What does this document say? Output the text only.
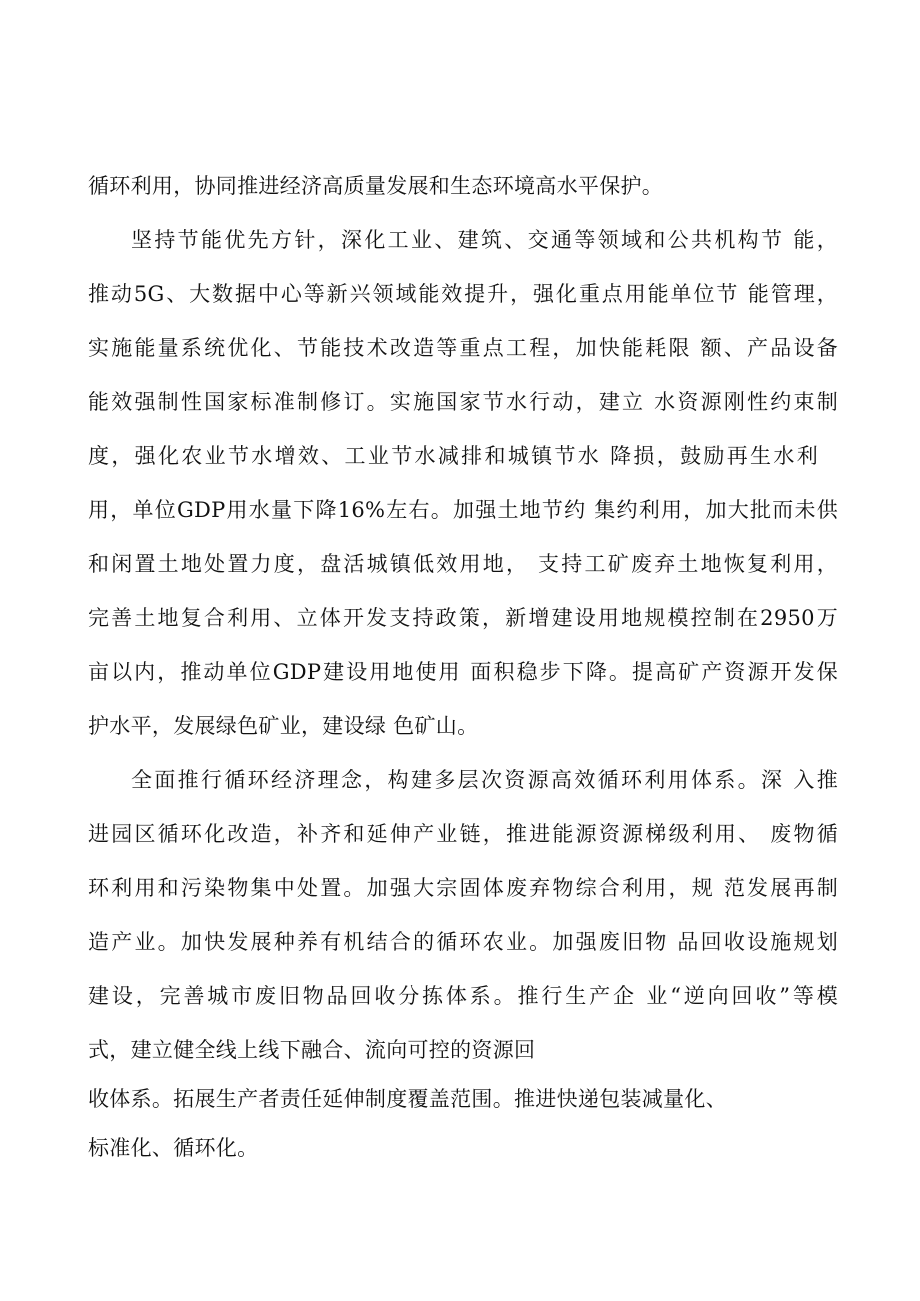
循环利用，协同推进经济高质量发展和生态环境高水平保护。
坚持节能优先方针，深化工业、建筑、交通等领域和公共机构节 能，
推动5G、大数据中心等新兴领域能效提升，强化重点用能单位节 能管理，
实施能量系统优化、节能技术改造等重点工程，加快能耗限 额、产品设备
能效强制性国家标准制修订。实施国家节水行动，建立 水资源刚性约束制
度，强化农业节水增效、工业节水减排和城镇节水 降损，鼓励再生水利
用，单位GDP用水量下降16%左右。加强土地节约 集约利用，加大批而未供
和闲置土地处置力度，盘活城镇低效用地， 支持工矿废弃土地恢复利用，
完善土地复合利用、立体开发支持政策，新增建设用地规模控制在2950万
亩以内，推动单位GDP建设用地使用 面积稳步下降。提高矿产资源开发保
护水平，发展绿色矿业，建设绿 色矿山。
全面推行循环经济理念，构建多层次资源高效循环利用体系。深 入推
进园区循环化改造，补齐和延伸产业链，推进能源资源梯级利用、 废物循
环利用和污染物集中处置。加强大宗固体废弃物综合利用，规 范发展再制
造产业。加快发展种养有机结合的循环农业。加强废旧物 品回收设施规划
建设，完善城市废旧物品回收分拣体系。推行生产企 业“逆向回收”等模
式，建立健全线上线下融合、流向可控的资源回
收体系。拓展生产者责任延伸制度覆盖范围。推进快递包装减量化、
标准化、循环化。
